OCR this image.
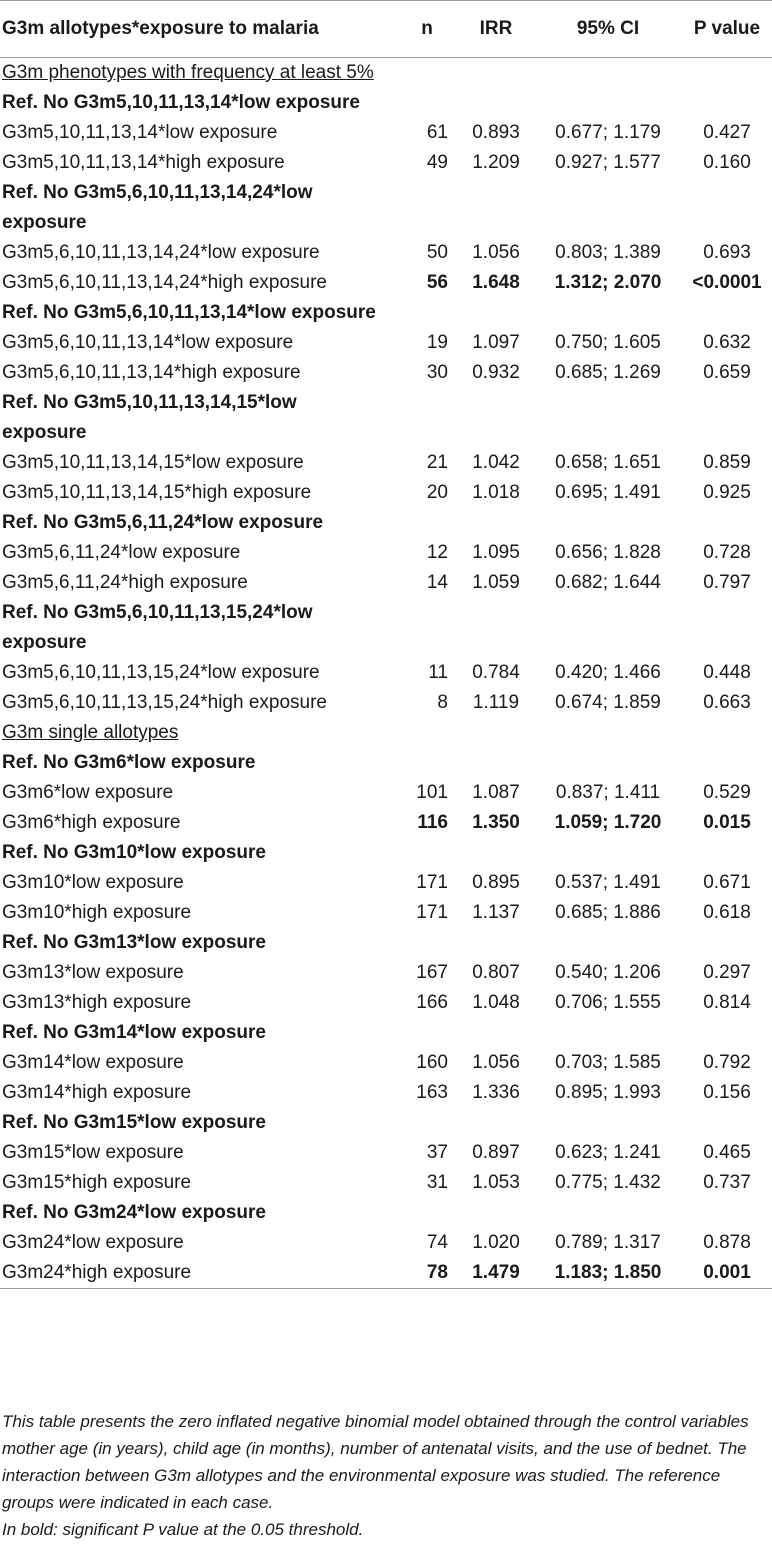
G3m allotypes*exposure to malaria	n	IRR	95% CI	P value
G3m phenotypes with frequency at least 5%				
Ref. No G3m5,10,11,13,14*low exposure				
G3m5,10,11,13,14*low exposure	61	0.893	0.677; 1.179	0.427
G3m5,10,11,13,14*high exposure	49	1.209	0.927; 1.577	0.160
Ref. No G3m5,6,10,11,13,14,24*low exposure				
G3m5,6,10,11,13,14,24*low exposure	50	1.056	0.803; 1.389	0.693
G3m5,6,10,11,13,14,24*high exposure	56	1.648	1.312; 2.070	<0.0001
Ref. No G3m5,6,10,11,13,14*low exposure				
G3m5,6,10,11,13,14*low exposure	19	1.097	0.750; 1.605	0.632
G3m5,6,10,11,13,14*high exposure	30	0.932	0.685; 1.269	0.659
Ref. No G3m5,10,11,13,14,15*low exposure				
G3m5,10,11,13,14,15*low exposure	21	1.042	0.658; 1.651	0.859
G3m5,10,11,13,14,15*high exposure	20	1.018	0.695; 1.491	0.925
Ref. No G3m5,6,11,24*low exposure				
G3m5,6,11,24*low exposure	12	1.095	0.656; 1.828	0.728
G3m5,6,11,24*high exposure	14	1.059	0.682; 1.644	0.797
Ref. No G3m5,6,10,11,13,15,24*low exposure				
G3m5,6,10,11,13,15,24*low exposure	11	0.784	0.420; 1.466	0.448
G3m5,6,10,11,13,15,24*high exposure	8	1.119	0.674; 1.859	0.663
G3m single allotypes				
Ref. No G3m6*low exposure				
G3m6*low exposure	101	1.087	0.837; 1.411	0.529
G3m6*high exposure	116	1.350	1.059; 1.720	0.015
Ref. No G3m10*low exposure				
G3m10*low exposure	171	0.895	0.537; 1.491	0.671
G3m10*high exposure	171	1.137	0.685; 1.886	0.618
Ref. No G3m13*low exposure				
G3m13*low exposure	167	0.807	0.540; 1.206	0.297
G3m13*high exposure	166	1.048	0.706; 1.555	0.814
Ref. No G3m14*low exposure				
G3m14*low exposure	160	1.056	0.703; 1.585	0.792
G3m14*high exposure	163	1.336	0.895; 1.993	0.156
Ref. No G3m15*low exposure				
G3m15*low exposure	37	0.897	0.623; 1.241	0.465
G3m15*high exposure	31	1.053	0.775; 1.432	0.737
Ref. No G3m24*low exposure				
G3m24*low exposure	74	1.020	0.789; 1.317	0.878
G3m24*high exposure	78	1.479	1.183; 1.850	0.001

This table presents the zero inflated negative binomial model obtained through the control variables mother age (in years), child age (in months), number of antenatal visits, and the use of bednet. The interaction between G3m allotypes and the environmental exposure was studied. The reference groups were indicated in each case.

In bold: significant P value at the 0.05 threshold.
